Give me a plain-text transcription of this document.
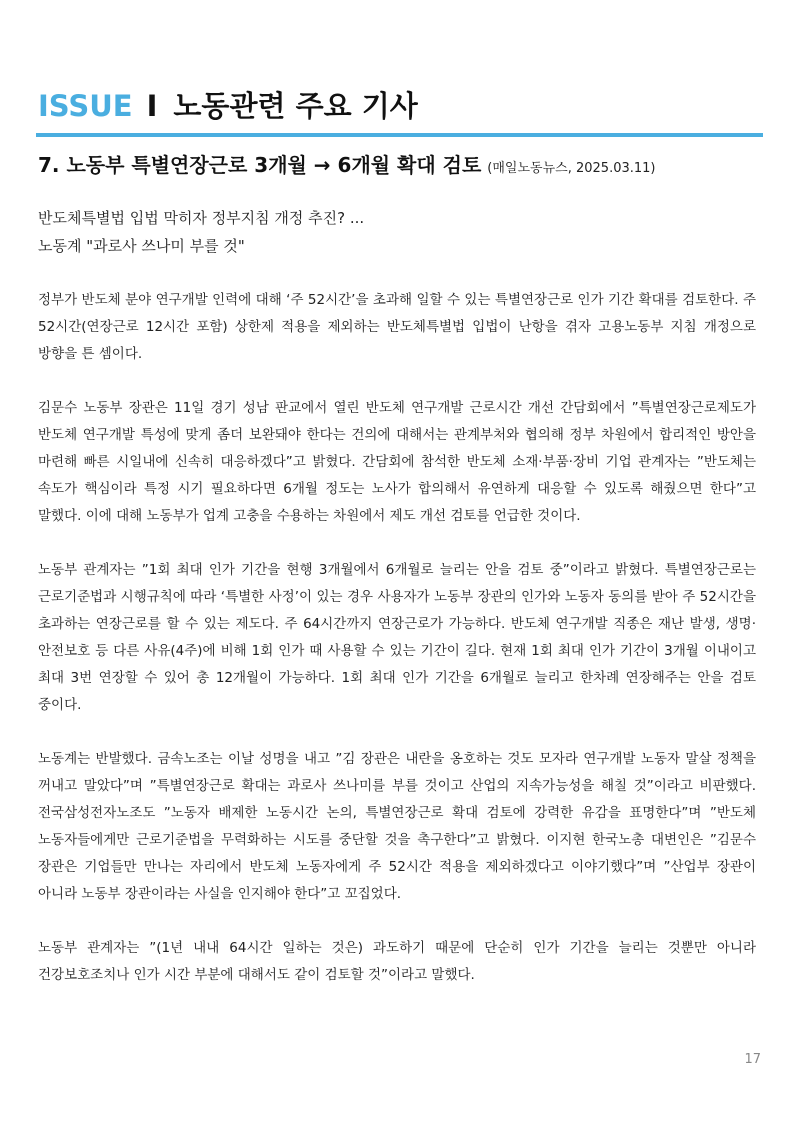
ISSUE I 노동관련 주요 기사
7. 노동부 특별연장근로 3개월 → 6개월 확대 검토 (매일노동뉴스, 2025.03.11)
반도체특별법 입법 막히자 정부지침 개정 추진? ...
노동계 "과로사 쓰나미 부를 것"

정부가 반도체 분야 연구개발 인력에 대해 ‘주 52시간’을 초과해 일할 수 있는 특별연장근로 인가 기간 확대를 검토한다. 주 52시간(연장근로 12시간 포함) 상한제 적용을 제외하는 반도체특별법 입법이 난항을 겪자 고용노동부 지침 개정으로 방향을 튼 셈이다.

김문수 노동부 장관은 11일 경기 성남 판교에서 열린 반도체 연구개발 근로시간 개선 간담회에서 ”특별연장근로제도가 반도체 연구개발 특성에 맞게 좀더 보완돼야 한다는 건의에 대해서는 관계부처와 협의해 정부 차원에서 합리적인 방안을 마련해 빠른 시일내에 신속히 대응하겠다”고 밝혔다. 간담회에 참석한 반도체 소재·부품·장비 기업 관계자는 ”반도체는 속도가 핵심이라 특정 시기 필요하다면 6개월 정도는 노사가 합의해서 유연하게 대응할 수 있도록 해줬으면 한다”고 말했다. 이에 대해 노동부가 업계 고충을 수용하는 차원에서 제도 개선 검토를 언급한 것이다.

노동부 관계자는 ”1회 최대 인가 기간을 현행 3개월에서 6개월로 늘리는 안을 검토 중”이라고 밝혔다. 특별연장근로는 근로기준법과 시행규칙에 따라 ‘특별한 사정’이 있는 경우 사용자가 노동부 장관의 인가와 노동자 동의를 받아 주 52시간을 초과하는 연장근로를 할 수 있는 제도다. 주 64시간까지 연장근로가 가능하다. 반도체 연구개발 직종은 재난 발생, 생명·안전보호 등 다른 사유(4주)에 비해 1회 인가 때 사용할 수 있는 기간이 길다. 현재 1회 최대 인가 기간이 3개월 이내이고 최대 3번 연장할 수 있어 총 12개월이 가능하다. 1회 최대 인가 기간을 6개월로 늘리고 한차례 연장해주는 안을 검토 중이다.

노동계는 반발했다. 금속노조는 이날 성명을 내고 ”김 장관은 내란을 옹호하는 것도 모자라 연구개발 노동자 말살 정책을 꺼내고 말았다”며 ”특별연장근로 확대는 과로사 쓰나미를 부를 것이고 산업의 지속가능성을 해칠 것”이라고 비판했다. 전국삼성전자노조도 ”노동자 배제한 노동시간 논의, 특별연장근로 확대 검토에 강력한 유감을 표명한다”며 ”반도체 노동자들에게만 근로기준법을 무력화하는 시도를 중단할 것을 촉구한다”고 밝혔다. 이지현 한국노총 대변인은 ”김문수 장관은 기업들만 만나는 자리에서 반도체 노동자에게 주 52시간 적용을 제외하겠다고 이야기했다”며 ”산업부 장관이 아니라 노동부 장관이라는 사실을 인지해야 한다”고 꼬집었다.

노동부 관계자는 ”(1년 내내 64시간 일하는 것은) 과도하기 때문에 단순히 인가 기간을 늘리는 것뿐만 아니라 건강보호조치나 인가 시간 부분에 대해서도 같이 검토할 것”이라고 말했다.

17
